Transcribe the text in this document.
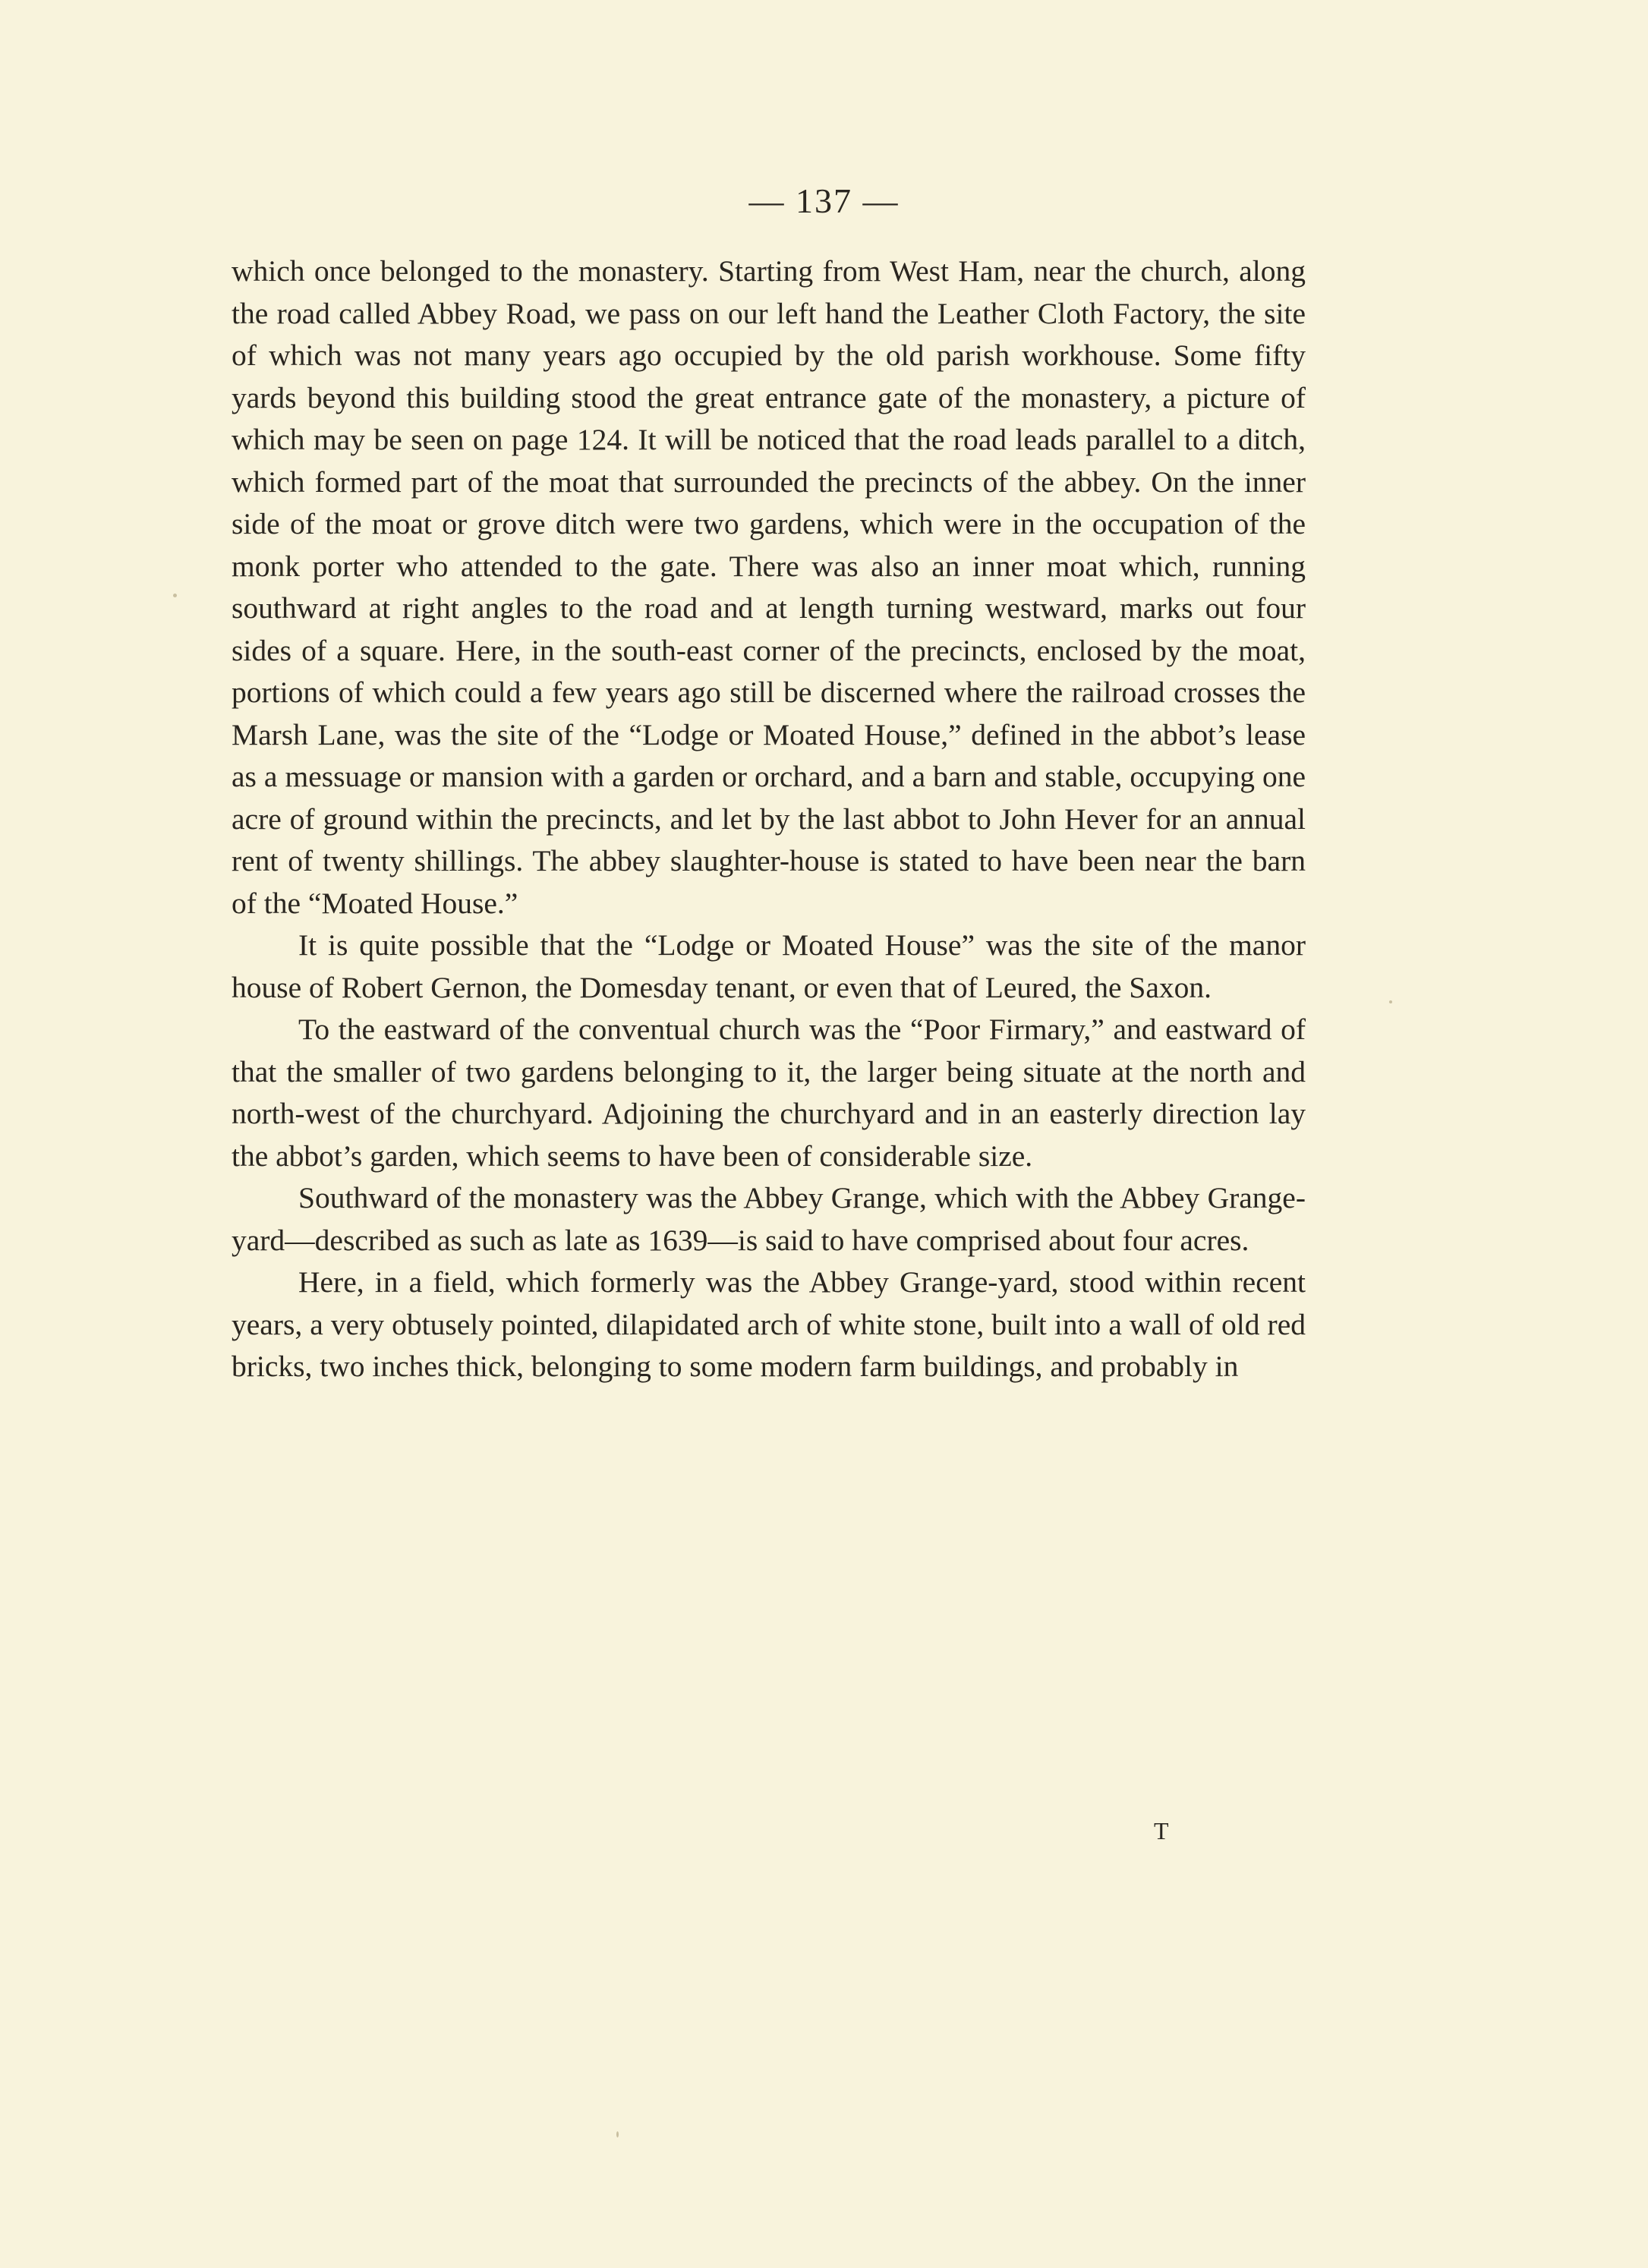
— 137 —

which once belonged to the monastery. Starting from West Ham, near the church, along the road called Abbey Road, we pass on our left hand the Leather Cloth Factory, the site of which was not many years ago occupied by the old parish workhouse. Some fifty yards beyond this building stood the great entrance gate of the monastery, a picture of which may be seen on page 124. It will be noticed that the road leads parallel to a ditch, which formed part of the moat that surrounded the precincts of the abbey. On the inner side of the moat or grove ditch were two gardens, which were in the occupation of the monk porter who attended to the gate. There was also an inner moat which, running southward at right angles to the road and at length turning westward, marks out four sides of a square. Here, in the south-east corner of the precincts, enclosed by the moat, portions of which could a few years ago still be discerned where the railroad crosses the Marsh Lane, was the site of the “Lodge or Moated House,” defined in the abbot’s lease as a messuage or mansion with a garden or orchard, and a barn and stable, occupying one acre of ground within the precincts, and let by the last abbot to John Hever for an annual rent of twenty shillings. The abbey slaughter-house is stated to have been near the barn of the “Moated House.”

It is quite possible that the “Lodge or Moated House” was the site of the manor house of Robert Gernon, the Domesday tenant, or even that of Leured, the Saxon.

To the eastward of the conventual church was the “Poor Firmary,” and eastward of that the smaller of two gardens belonging to it, the larger being situate at the north and north-west of the churchyard. Adjoining the churchyard and in an easterly direction lay the abbot’s garden, which seems to have been of considerable size.

Southward of the monastery was the Abbey Grange, which with the Abbey Grange-yard—described as such as late as 1639—is said to have comprised about four acres.

Here, in a field, which formerly was the Abbey Grange-yard, stood within recent years, a very obtusely pointed, dilapidated arch of white stone, built into a wall of old red bricks, two inches thick, belonging to some modern farm buildings, and probably in

T
